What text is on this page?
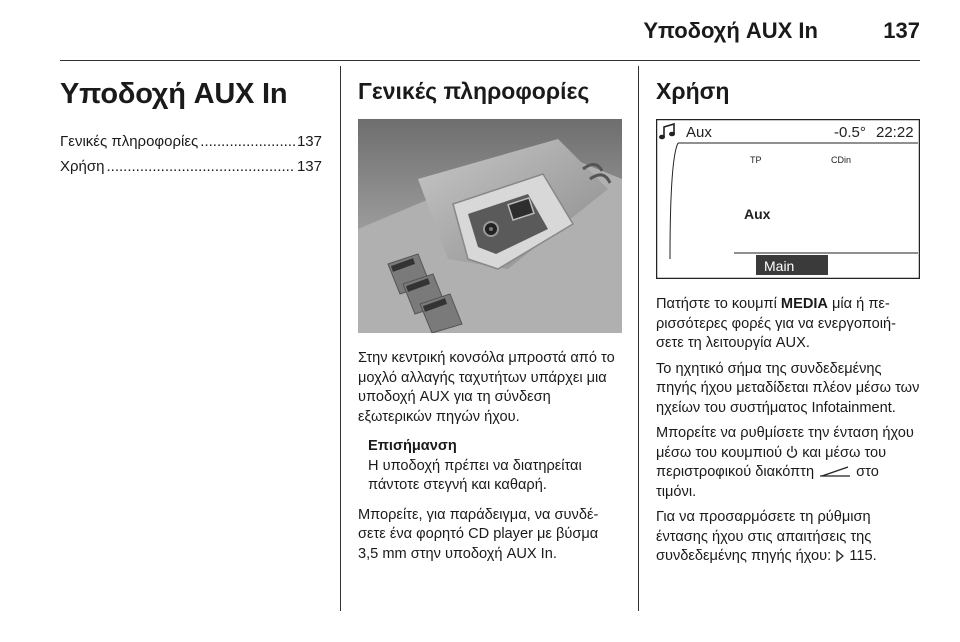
Υποδοχή AUX In	137
Υποδοχή AUX In
Γενικές πληροφορίες .....	137
Χρήση .....	137
Γενικές πληροφορίες

Στην κεντρική κονσόλα μπροστά από το μοχλό αλλαγής ταχυτήτων υπάρχει μια υποδοχή AUX για τη σύνδεση εξωτερικών πηγών ήχου.

Επισήμανση
Η υποδοχή πρέπει να διατηρείται πάντοτε στεγνή και καθαρή.

Μπορείτε, για παράδειγμα, να συνδέ-σετε ένα φορητό CD player με βύσμα 3,5 mm στην υποδοχή AUX In.

Χρήση
Aux	-0.5° 22:22
TP	CDin
Aux
Main

Πατήστε το κουμπί MEDIA μία ή πε-ρισσότερες φορές για να ενεργοποιή-σετε τη λειτουργία AUX.

Το ηχητικό σήμα της συνδεδεμένης πηγής ήχου μεταδίδεται πλέον μέσω των ηχείων του συστήματος Infotainment.

Μπορείτε να ρυθμίσετε την ένταση ήχου μέσω του κουμπιού  και μέσω του περιστροφικού διακόπτη  στο τιμόνι.

Για να προσαρμόσετε τη ρύθμιση έντασης ήχου στις απαιτήσεις της συνδεδεμένης πηγής ήχου:  115.
